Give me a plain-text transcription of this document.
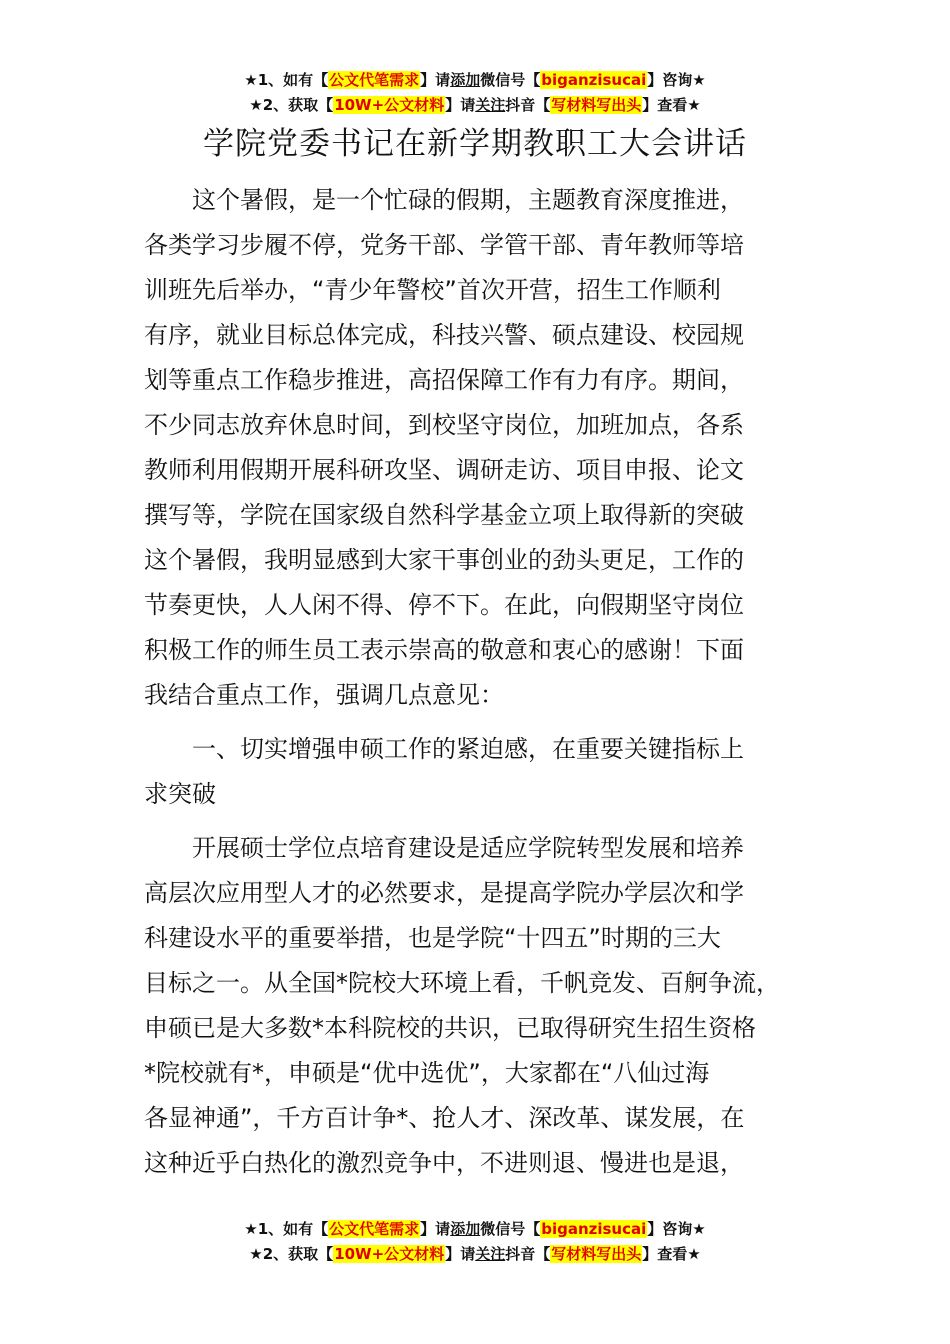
★1、如有【公文代笔需求】请添加微信号【biganzisucai】咨询★
★2、获取【10W+公文材料】请关注抖音【写材料写出头】查看★
学院党委书记在新学期教职工大会讲话

这个暑假，是一个忙碌的假期，主题教育深度推进，
各类学习步履不停，党务干部、学管干部、青年教师等培
训班先后举办，“青少年警校”首次开营，招生工作顺利
有序，就业目标总体完成，科技兴警、硕点建设、校园规
划等重点工作稳步推进，高招保障工作有力有序。期间，
不少同志放弃休息时间，到校坚守岗位，加班加点，各系
教师利用假期开展科研攻坚、调研走访、项目申报、论文
撰写等，学院在国家级自然科学基金立项上取得新的突破
这个暑假，我明显感到大家干事创业的劲头更足，工作的
节奏更快，人人闲不得、停不下。在此，向假期坚守岗位
积极工作的师生员工表示崇高的敬意和衷心的感谢！下面
我结合重点工作，强调几点意见：

一、切实增强申硕工作的紧迫感，在重要关键指标上
求突破

开展硕士学位点培育建设是适应学院转型发展和培养
高层次应用型人才的必然要求，是提高学院办学层次和学
科建设水平的重要举措，也是学院“十四五”时期的三大
目标之一。从全国*院校大环境上看，千帆竞发、百舸争流，
申硕已是大多数*本科院校的共识，已取得研究生招生资格
*院校就有*，申硕是“优中选优”，大家都在“八仙过海
各显神通”，千方百计争*、抢人才、深改革、谋发展，在
这种近乎白热化的激烈竞争中，不进则退、慢进也是退，

★1、如有【公文代笔需求】请添加微信号【biganzisucai】咨询★
★2、获取【10W+公文材料】请关注抖音【写材料写出头】查看★
